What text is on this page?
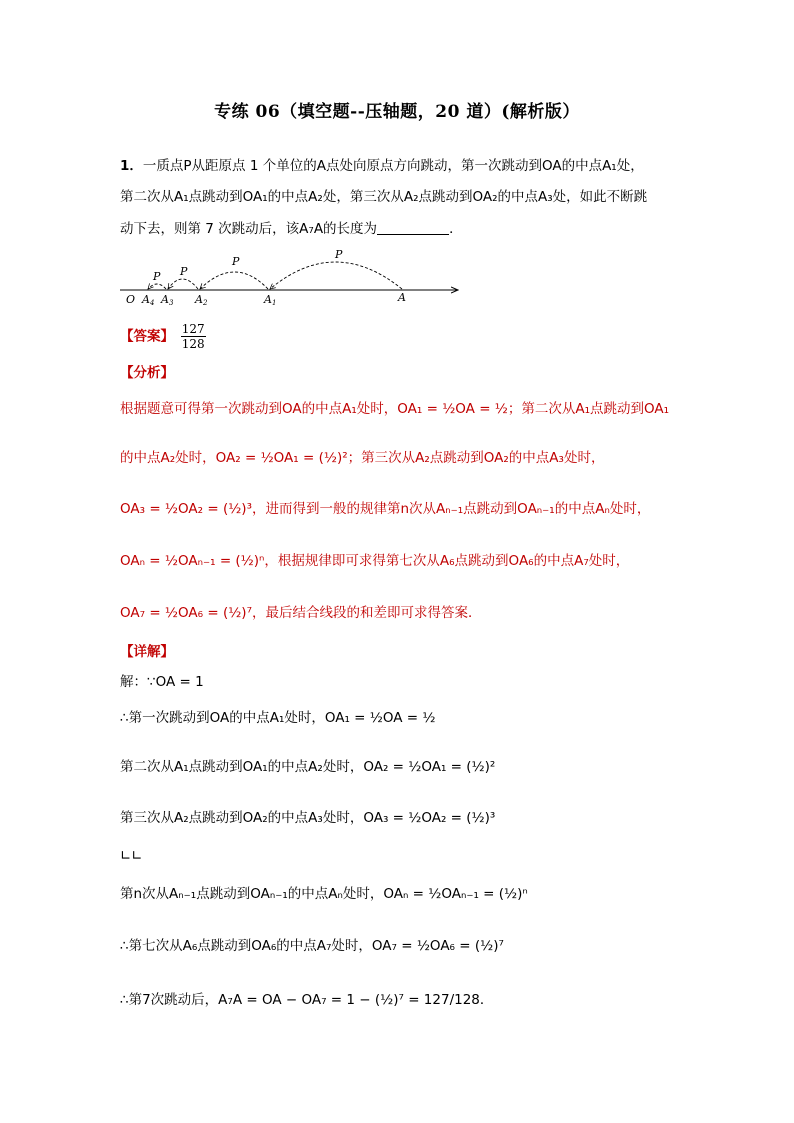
专练 06（填空题--压轴题，20 道）(解析版）
1．一质点P从距原点 1 个单位的A点处向原点方向跳动，第一次跳动到OA的中点A₁处，
第二次从A₁点跳动到OA₁的中点A₂处，第三次从A₂点跳动到OA₂的中点A₃处，如此不断跳
动下去，则第 7 次跳动后，该A₇A的长度为	．
O A4 A3 A2	A1	A
P P
P
P
【答案】 $\frac{127}{128}$
【分析】
根据题意可得第一次跳动到OA的中点A₁处时，OA₁ = ½OA = ½；第二次从A₁点跳动到OA₁
的中点A₂处时，OA₂ = ½OA₁ = (½)²；第三次从A₂点跳动到OA₂的中点A₃处时，
OA₃ = ½OA₂ = (½)³，进而得到一般的规律第n次从Aₙ₋₁点跳动到OAₙ₋₁的中点Aₙ处时，
OAₙ = ½OAₙ₋₁ = (½)ⁿ，根据规律即可求得第七次从A₆点跳动到OA₆的中点A₇处时，
OA₇ = ½OA₆ = (½)⁷，最后结合线段的和差即可求得答案．
【详解】
解：∵OA = 1
∴第一次跳动到OA的中点A₁处时，OA₁ = ½OA = ½
第二次从A₁点跳动到OA₁的中点A₂处时，OA₂ = ½OA₁ = (½)²
第三次从A₂点跳动到OA₂的中点A₃处时，OA₃ = ½OA₂ = (½)³
∟∟
第n次从Aₙ₋₁点跳动到OAₙ₋₁的中点Aₙ处时，OAₙ = ½OAₙ₋₁ = (½)ⁿ
∴第七次从A₆点跳动到OA₆的中点A₇处时，OA₇ = ½OA₆ = (½)⁷
∴第7次跳动后，A₇A = OA − OA₇ = 1 − (½)⁷ = 127/128．
